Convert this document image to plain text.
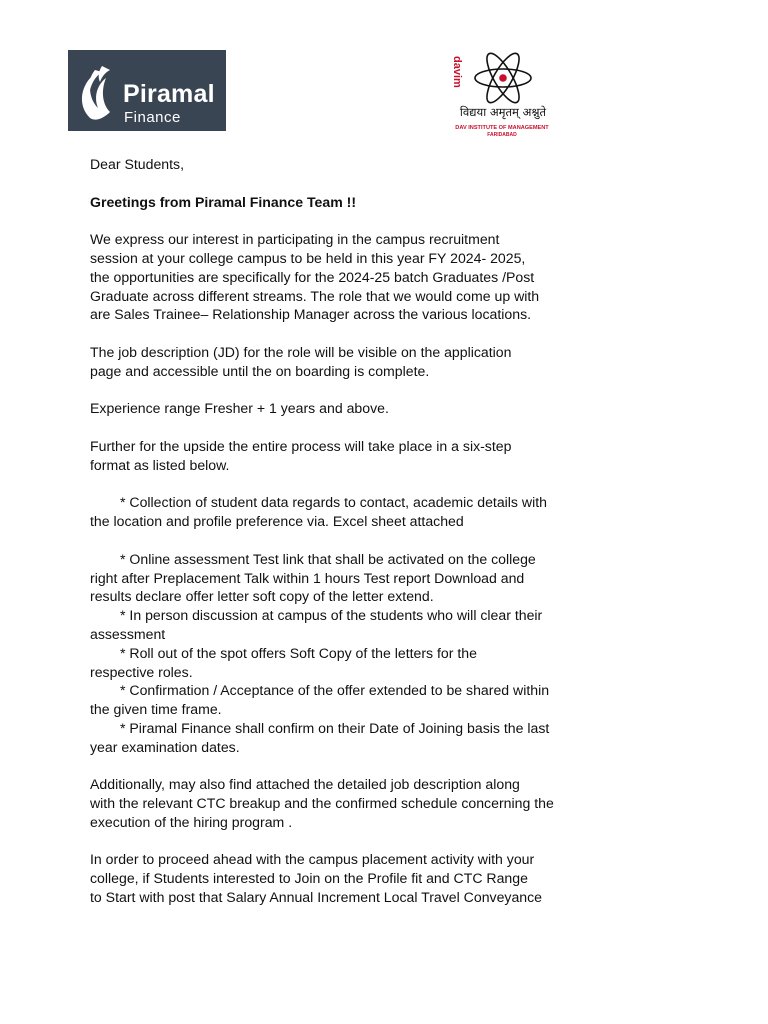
Piramal
Finance
davim
विद्यया अमृतम् अश्नुते
DAV INSTITUTE OF MANAGEMENT
FARIDABAD

Dear Students,

Greetings from Piramal Finance Team !!

We express our interest in participating in the campus recruitment

session at your college campus to be held in this year FY 2024- 2025,

the opportunities are specifically for the 2024-25 batch Graduates /Post

Graduate across different streams. The role that we would come up with

are Sales Trainee– Relationship Manager across the various locations.

The job description (JD) for the role will be visible on the application

page and accessible until the on boarding is complete.

Experience range Fresher + 1 years and above.

Further for the upside the entire process will take place in a six-step

format as listed below.

* Collection of student data regards to contact, academic details with

the location and profile preference via. Excel sheet attached

* Online assessment Test link that shall be activated on the college

right after Preplacement Talk within 1 hours Test report Download and

results declare offer letter soft copy of the letter extend.

* In person discussion at campus of the students who will clear their

assessment

* Roll out of the spot offers Soft Copy of the letters for the

respective roles.

* Confirmation / Acceptance of the offer extended to be shared within

the given time frame.

* Piramal Finance shall confirm on their Date of Joining basis the last

year examination dates.

Additionally, may also find attached the detailed job description along

with the relevant CTC breakup and the confirmed schedule concerning the

execution of the hiring program .

In order to proceed ahead with the campus placement activity with your

college, if Students interested to Join on the Profile fit and CTC Range

to Start with post that Salary Annual Increment Local Travel Conveyance
